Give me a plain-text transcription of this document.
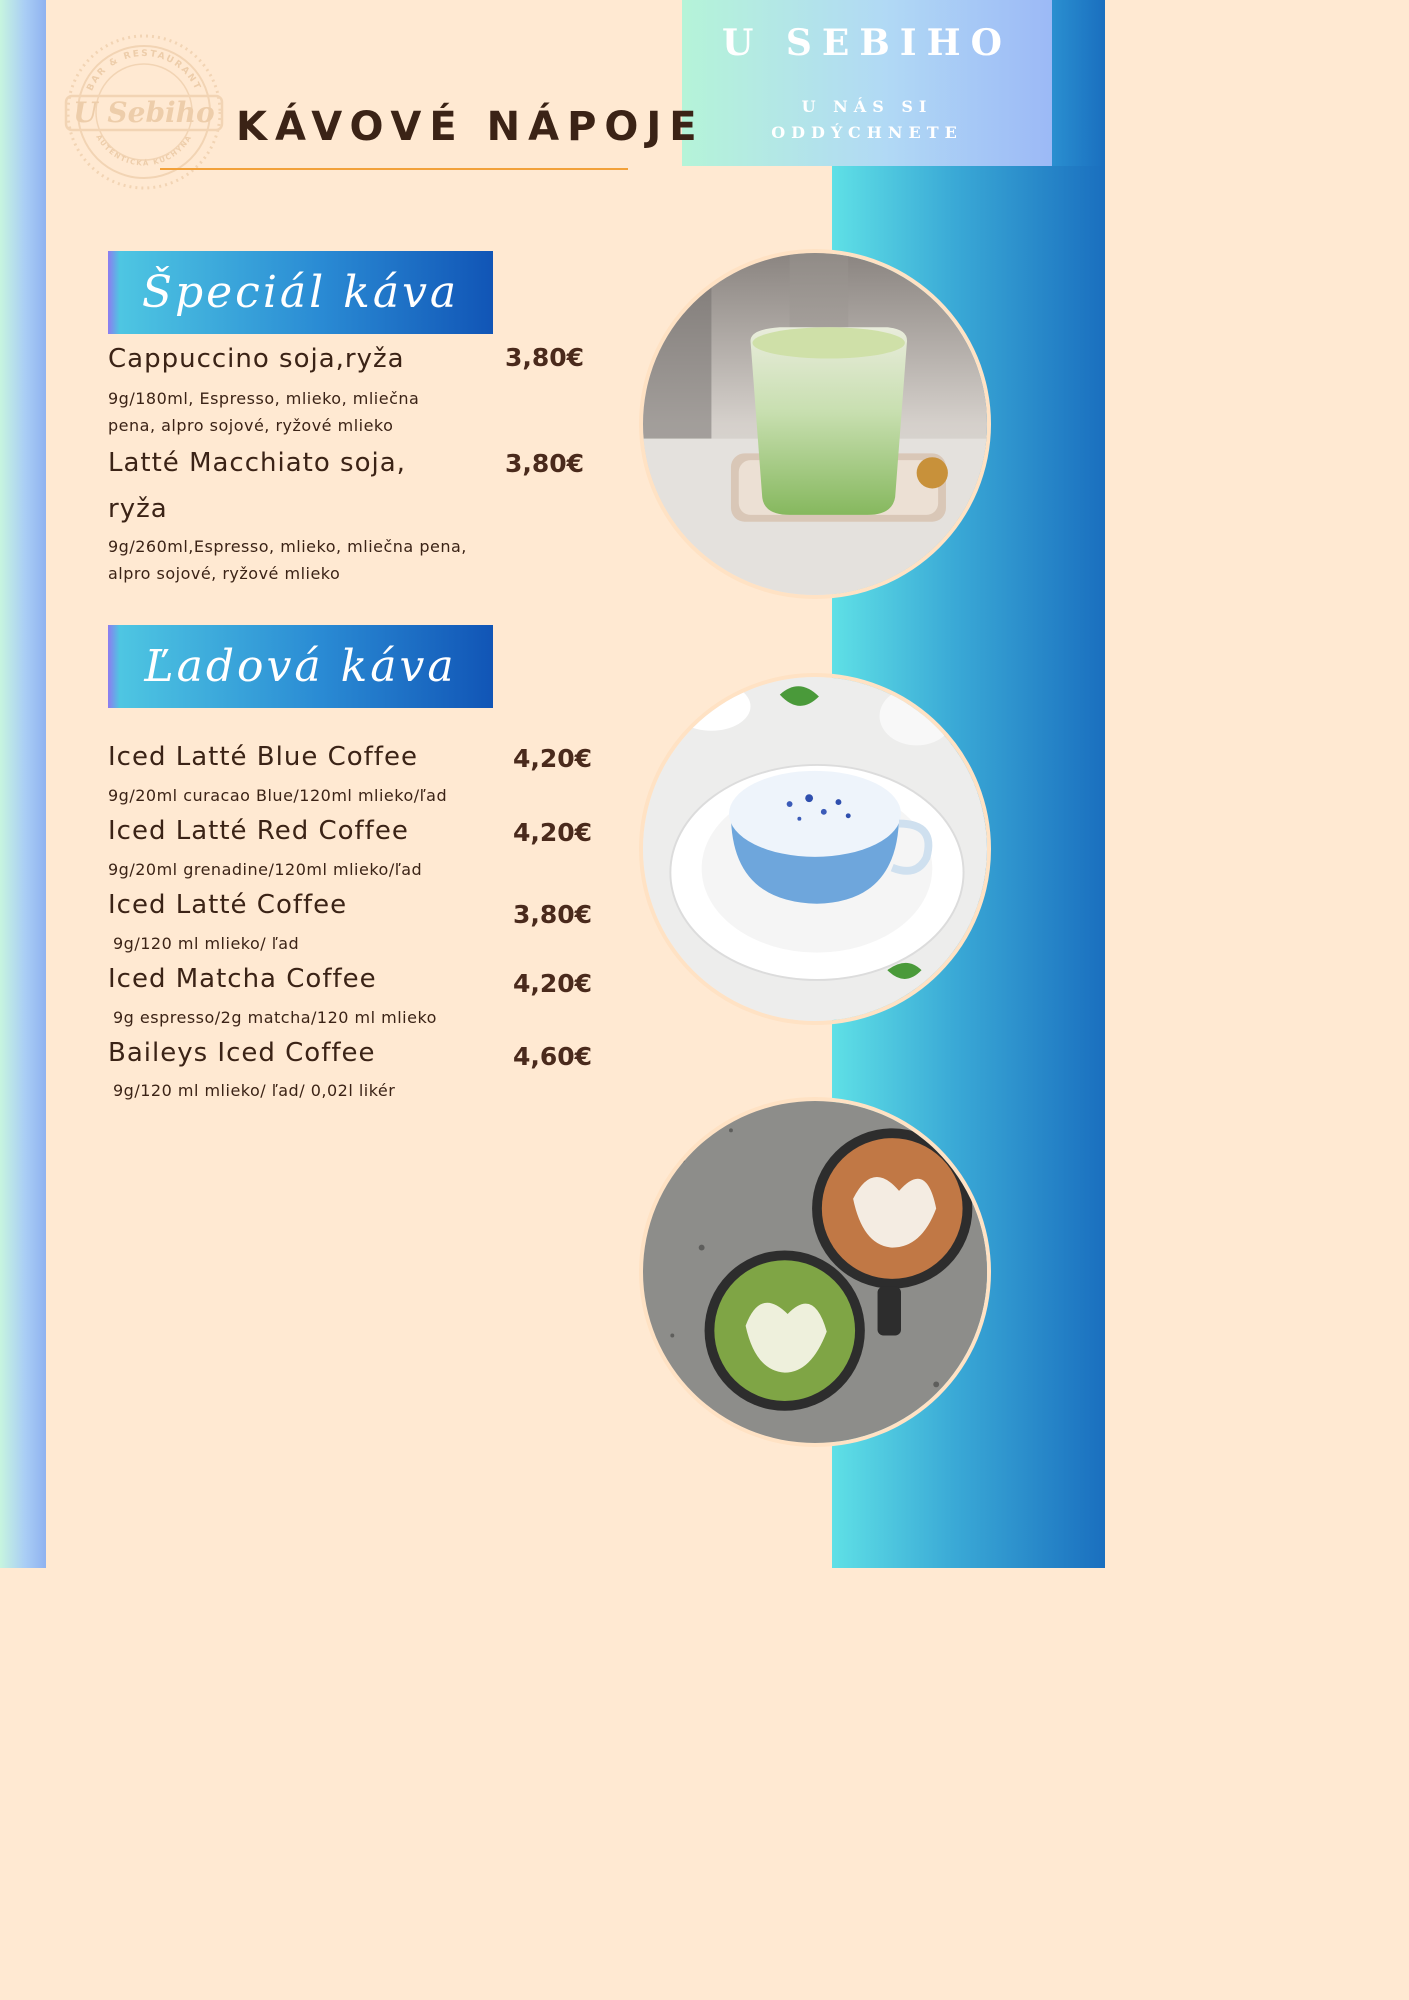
U SEBIHO
U NÁS SI
ODDÝCHNETE
BAR & RESTAURANT
U Sebiho
AUTENTICKÁ KUCHYŇA KÁVOVÉ NÁPOJE
Špeciál káva
Cappuccino soja,ryža	3,80€
9g/180ml, Espresso, mlieko, mliečna
pena, alpro sojové, ryžové mlieko
Latté Macchiato soja,
ryža
3,80€
9g/260ml,Espresso, mlieko, mliečna pena,
alpro sojové, ryžové mlieko
Ľadová káva
Iced Latté Blue Coffee	4,20€
9g/20ml curacao Blue/120ml mlieko/ľad
Iced Latté Red Coffee	4,20€
9g/20ml grenadine/120ml mlieko/ľad
Iced Latté Coffee	3,80€
9g/120 ml mlieko/ ľad
Iced Matcha Coffee	4,20€
9g espresso/2g matcha/120 ml mlieko
Baileys Iced Coffee	4,60€
9g/120 ml mlieko/ ľad/ 0,02l likér
